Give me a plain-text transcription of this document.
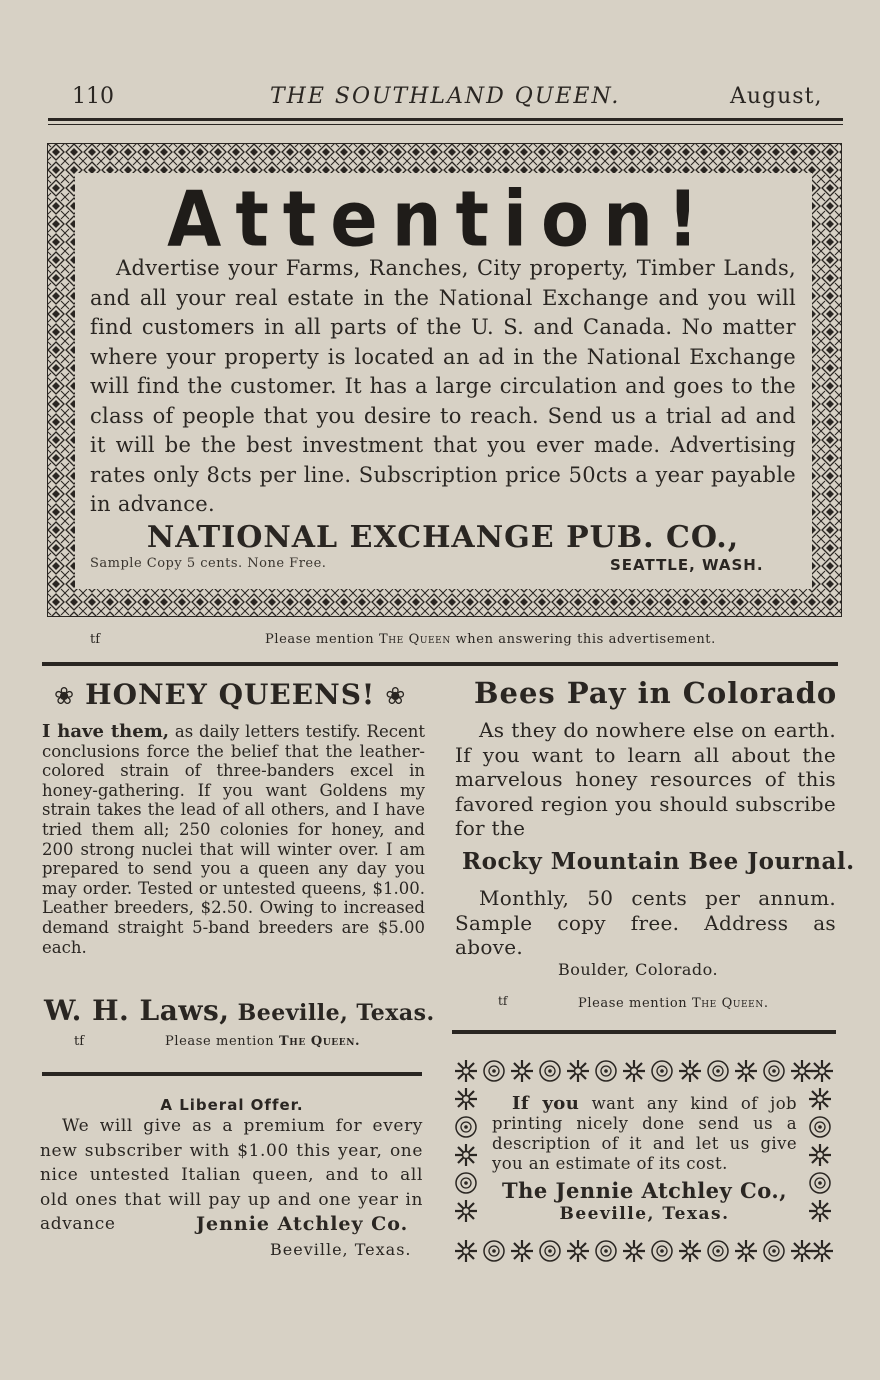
110	THE SOUTHLAND QUEEN.	August,
Attention!
Advertise your Farms, Ranches, City property, Timber Lands, and all your real estate in the National Exchange and you will find customers in all parts of the U. S. and Canada. No matter where your property is located an ad in the National Exchange will find the customer. It has a large circulation and goes to the class of people that you desire to reach. Send us a trial ad and it will be the best investment that you ever made. Advertising rates only 8cts per line. Subscription price 50cts a year payable in advance.
NATIONAL EXCHANGE PUB. CO.,
Sample Copy 5 cents. None Free.	SEATTLE, WASH.
tf	Please mention The Queen when answering this advertisement.
❀ HONEY QUEENS! ❀
I have them, as daily letters testify. Recent conclusions force the belief that the leather-colored strain of three-banders excel in honey-gathering. If you want Goldens my strain takes the lead of all others, and I have tried them all; 250 colonies for honey, and 200 strong nuclei that will winter over. I am prepared to send you a queen any day you may order. Tested or untested queens, $1.00. Leather breeders, $2.50. Owing to increased demand straight 5-band breeders are $5.00 each.
W. H. Laws, Beeville, Texas.
tf	Please mention The Queen.
A Liberal Offer.
We will give as a premium for every new subscriber with $1.00 this year, one nice untested Italian queen, and to all old ones that will pay up and one year in advance	Jennie Atchley Co.
Beeville, Texas.
Bees Pay in Colorado
As they do nowhere else on earth. If you want to learn all about the marvelous honey resources of this favored region you should subscribe for the
Rocky Mountain Bee Journal.
Monthly, 50 cents per annum. Sample copy free. Address as above.
Boulder, Colorado.
tf	Please mention The Queen.
If you want any kind of job printing nicely done send us a description of it and let us give you an estimate of its cost.
The Jennie Atchley Co.,
Beeville, Texas.
